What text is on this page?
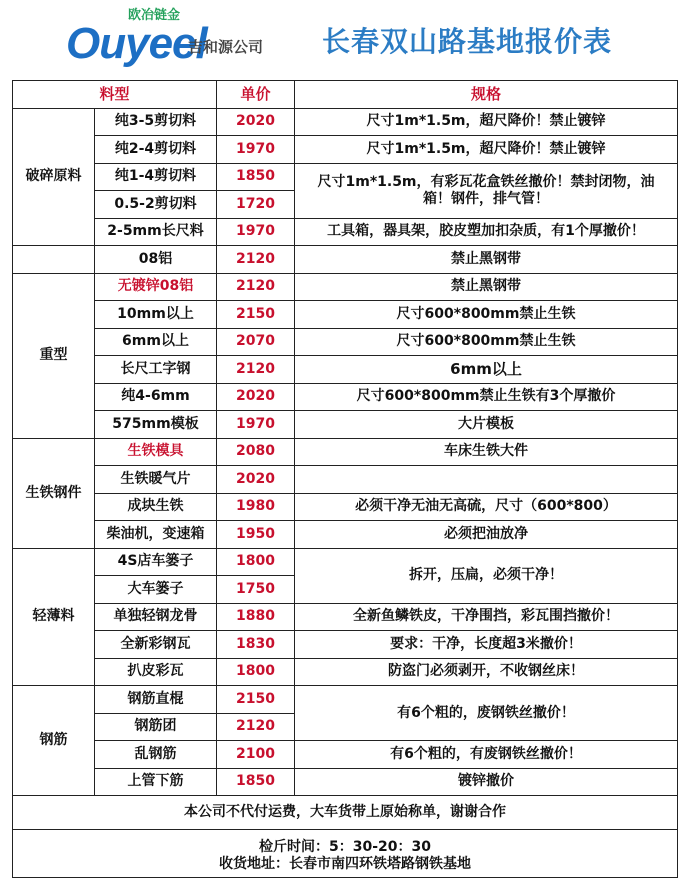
欧冶链金
Ouyeel
吉和源公司 长春双山路基地报价表
料型		单价	规格
破碎原料	纯3-5剪切料	2020	尺寸1m*1.5m，超尺降价！禁止镀锌
	纯2-4剪切料	1970	尺寸1m*1.5m，超尺降价！禁止镀锌
	纯1-4剪切料	1850	尺寸1m*1.5m，有彩瓦花盒铁丝撤价！禁封闭物，油箱！钢件，排气管！
	0.5-2剪切料	1720	
	2-5mm长尺料	1970	工具箱，器具架，胶皮塑加扣杂质，有1个厚撤价！
	08铝	2120	禁止黑钢带
重型	无镀锌08铝	2120	禁止黑钢带
	10mm以上	2150	尺寸600*800mm禁止生铁
	6mm以上	2070	尺寸600*800mm禁止生铁
	长尺工字钢	2120	6mm以上
	纯4-6mm	2020	尺寸600*800mm禁止生铁有3个厚撤价
	575mm模板	1970	大片模板
生铁钢件	生铁模具	2080	车床生铁大件
	生铁暖气片	2020	
	成块生铁	1980	必须干净无油无高硫，尺寸（600*800）
	柴油机，变速箱	1950	必须把油放净
轻薄料	4S店车篓子	1800	拆开，压扁，必须干净！
	大车篓子	1750	
	单独轻钢龙骨	1880	全新鱼鳞铁皮，干净围挡，彩瓦围挡撤价！
	全新彩钢瓦	1830	要求：干净，长度超3米撤价！
	扒皮彩瓦	1800	防盗门必须剥开，不收钢丝床！
钢筋	钢筋直棍	2150	有6个粗的，废钢铁丝撤价！
	钢筋团	2120	
	乱钢筋	2100	有6个粗的，有废钢铁丝撤价！
	上管下筋	1850	镀锌撤价
本公司不代付运费，大车货带上原始称单，谢谢合作			

检斤时间：5：30-20：30
收货地址：长春市南四环铁塔路钢铁基地			
